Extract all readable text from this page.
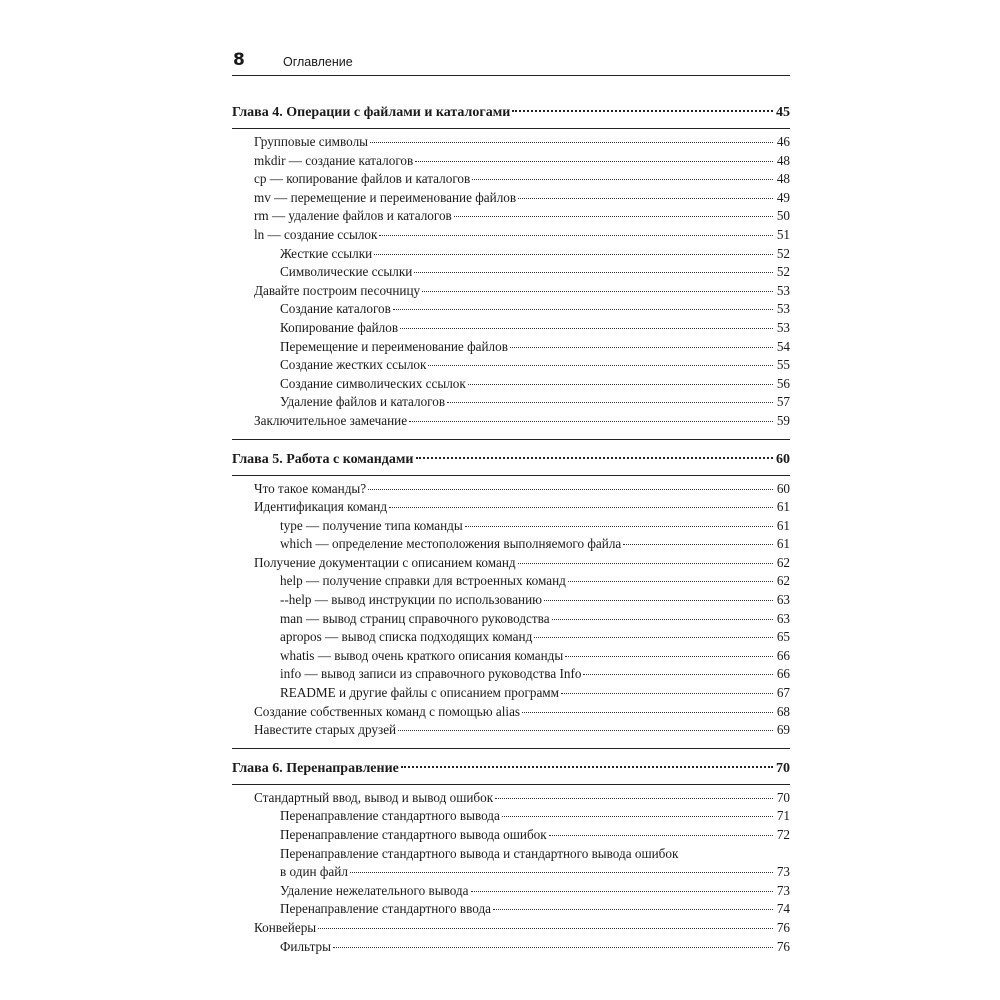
8	Оглавление
Глава 4. Операции с файлами и каталогами	45
Групповые символы	46
mkdir — создание каталогов	48
cp — копирование файлов и каталогов	48
mv — перемещение и переименование файлов	49
rm — удаление файлов и каталогов	50
ln — создание ссылок	51
Жесткие ссылки	52
Символические ссылки	52
Давайте построим песочницу	53
Создание каталогов	53
Копирование файлов	53
Перемещение и переименование файлов	54
Создание жестких ссылок	55
Создание символических ссылок	56
Удаление файлов и каталогов	57
Заключительное замечание	59
Глава 5. Работа с командами	60
Что такое команды?	60
Идентификация команд	61
type — получение типа команды	61
which — определение местоположения выполняемого файла	61
Получение документации с описанием команд	62
help — получение справки для встроенных команд	62
--help — вывод инструкции по использованию	63
man — вывод страниц справочного руководства	63
apropos — вывод списка подходящих команд	65
whatis — вывод очень краткого описания команды	66
info — вывод записи из справочного руководства Info	66
README и другие файлы с описанием программ	67
Создание собственных команд с помощью alias	68
Навестите старых друзей	69
Глава 6. Перенаправление	70
Стандартный ввод, вывод и вывод ошибок	70
Перенаправление стандартного вывода	71
Перенаправление стандартного вывода ошибок	72
Перенаправление стандартного вывода и стандартного вывода ошибок
в один файл	73
Удаление нежелательного вывода	73
Перенаправление стандартного ввода	74
Конвейеры	76
Фильтры	76
